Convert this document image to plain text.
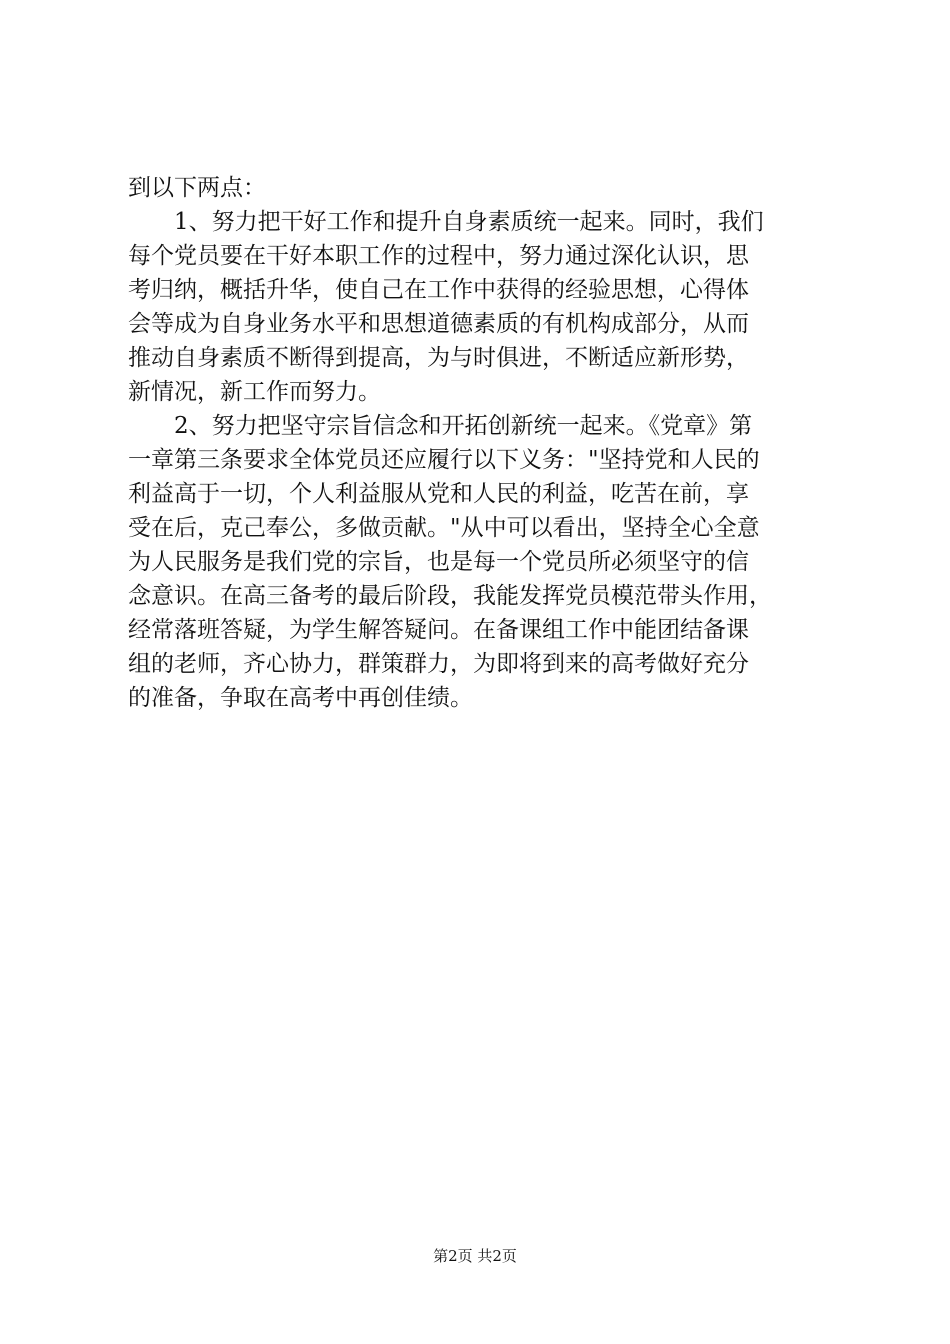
到以下两点：
1、努力把干好工作和提升自身素质统一起来。同时，我们
每个党员要在干好本职工作的过程中，努力通过深化认识，思
考归纳，概括升华，使自己在工作中获得的经验思想，心得体
会等成为自身业务水平和思想道德素质的有机构成部分，从而
推动自身素质不断得到提高，为与时俱进，不断适应新形势，
新情况，新工作而努力。
2、努力把坚守宗旨信念和开拓创新统一起来。《党章》第
一章第三条要求全体党员还应履行以下义务："坚持党和人民的
利益高于一切，个人利益服从党和人民的利益，吃苦在前，享
受在后，克己奉公，多做贡献。"从中可以看出，坚持全心全意
为人民服务是我们党的宗旨，也是每一个党员所必须坚守的信
念意识。在高三备考的最后阶段，我能发挥党员模范带头作用，
经常落班答疑，为学生解答疑问。在备课组工作中能团结备课
组的老师，齐心协力，群策群力，为即将到来的高考做好充分
的准备，争取在高考中再创佳绩。
第2页 共2页
